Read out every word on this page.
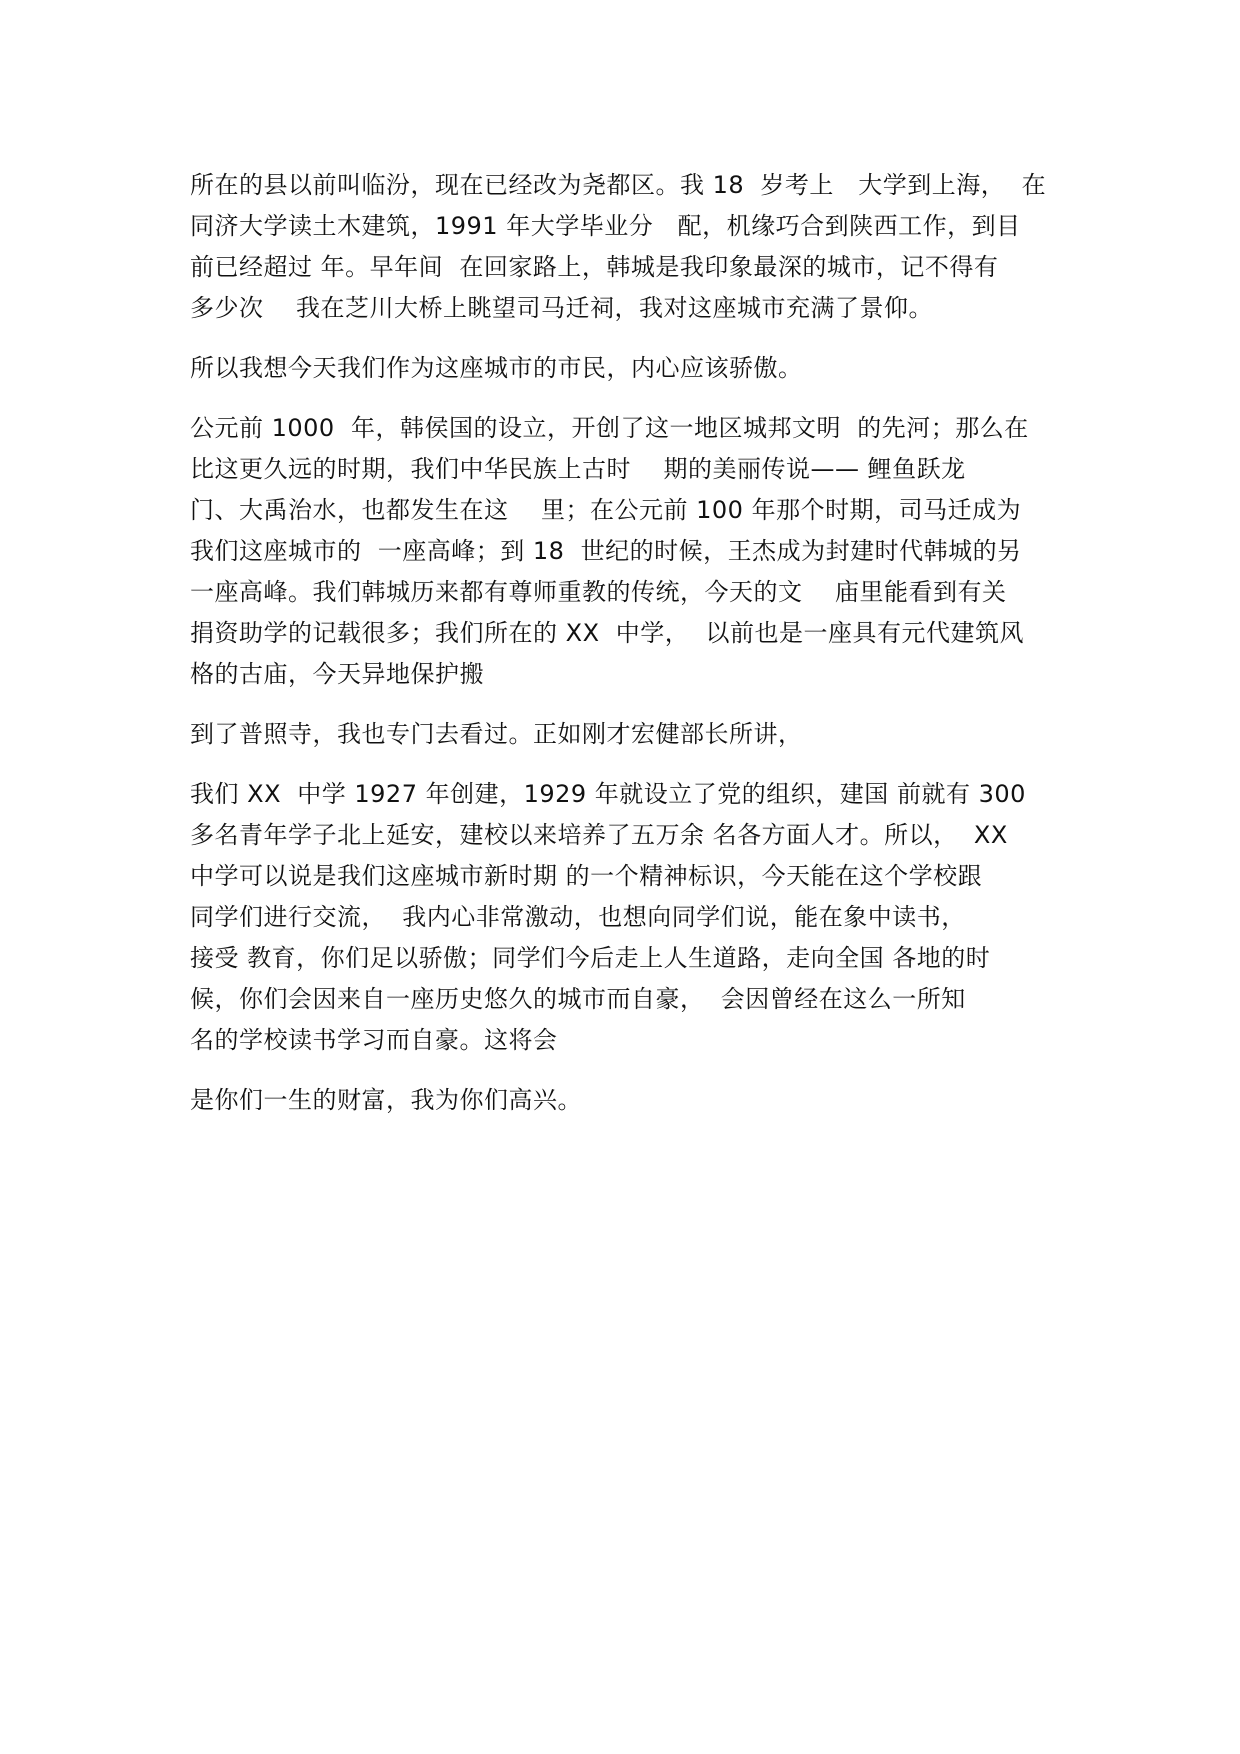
所在的县以前叫临汾，现在已经改为尧都区。我 18  岁考上   大学到上海，  在
同济大学读土木建筑，1991 年大学毕业分   配，机缘巧合到陕西工作，到目
前已经超过 年。早年间  在回家路上，韩城是我印象最深的城市，记不得有
多少次    我在芝川大桥上眺望司马迁祠，我对这座城市充满了景仰。

所以我想今天我们作为这座城市的市民，内心应该骄傲。

公元前 1000  年，韩侯国的设立，开创了这一地区城邦文明  的先河；那么在
比这更久远的时期，我们中华民族上古时    期的美丽传说—— 鲤鱼跃龙
门、大禹治水，也都发生在这    里；在公元前 100 年那个时期，司马迁成为
我们这座城市的  一座高峰；到 18  世纪的时候，王杰成为封建时代韩城的另
一座高峰。我们韩城历来都有尊师重教的传统，今天的文    庙里能看到有关
捐资助学的记载很多；我们所在的 XX  中学，  以前也是一座具有元代建筑风
格的古庙，今天异地保护搬

到了普照寺，我也专门去看过。正如刚才宏健部长所讲，

我们 XX  中学 1927 年创建，1929 年就设立了党的组织，建国 前就有 300
多名青年学子北上延安，建校以来培养了五万余 名各方面人才。所以，  XX
中学可以说是我们这座城市新时期 的一个精神标识，今天能在这个学校跟
同学们进行交流，  我内心非常激动，也想向同学们说，能在象中读书，
接受 教育，你们足以骄傲；同学们今后走上人生道路，走向全国 各地的时
候，你们会因来自一座历史悠久的城市而自豪，  会因曾经在这么一所知
名的学校读书学习而自豪。这将会

是你们一生的财富，我为你们高兴。
